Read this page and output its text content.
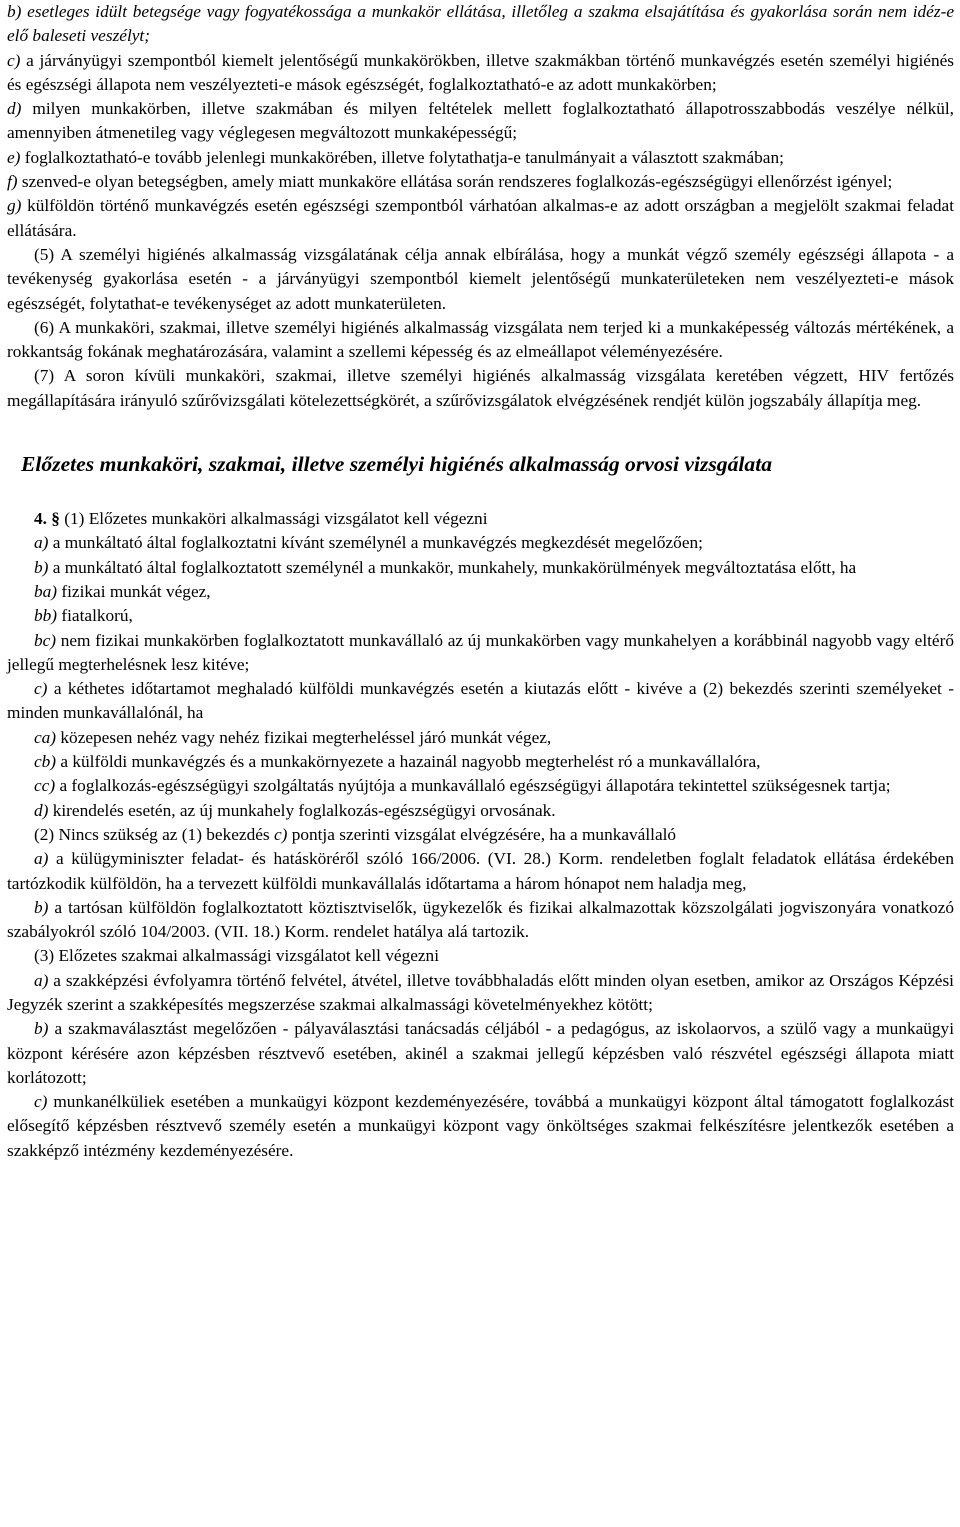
b) esetleges idült betegsége vagy fogyatékossága a munkakör ellátása, illetőleg a szakma elsajátítása és gyakorlása során nem idéz-e elő baleseti veszélyt;

c) a járványügyi szempontból kiemelt jelentőségű munkakörökben, illetve szakmákban történő munkavégzés esetén személyi higiénés és egészségi állapota nem veszélyezteti-e mások egészségét, foglalkoztatható-e az adott munkakörben;

d) milyen munkakörben, illetve szakmában és milyen feltételek mellett foglalkoztatható állapotrosszabbodás veszélye nélkül, amennyiben átmenetileg vagy véglegesen megváltozott munkaképességű;

e) foglalkoztatható-e tovább jelenlegi munkakörében, illetve folytathatja-e tanulmányait a választott szakmában;

f) szenved-e olyan betegségben, amely miatt munkaköre ellátása során rendszeres foglalkozás-egészségügyi ellenőrzést igényel;

g) külföldön történő munkavégzés esetén egészségi szempontból várhatóan alkalmas-e az adott országban a megjelölt szakmai feladat ellátására.

(5) A személyi higiénés alkalmasság vizsgálatának célja annak elbírálása, hogy a munkát végző személy egészségi állapota - a tevékenység gyakorlása esetén - a járványügyi szempontból kiemelt jelentőségű munkaterületeken nem veszélyezteti-e mások egészségét, folytathat-e tevékenységet az adott munkaterületen.

(6) A munkaköri, szakmai, illetve személyi higiénés alkalmasság vizsgálata nem terjed ki a munkaképesség változás mértékének, a rokkantság fokának meghatározására, valamint a szellemi képesség és az elmeállapot véleményezésére.

(7) A soron kívüli munkaköri, szakmai, illetve személyi higiénés alkalmasság vizsgálata keretében végzett, HIV fertőzés megállapítására irányuló szűrővizsgálati kötelezettségkörét, a szűrővizsgálatok elvégzésének rendjét külön jogszabály állapítja meg.

Előzetes munkaköri, szakmai, illetve személyi higiénés alkalmasság orvosi vizsgálata

4. § (1) Előzetes munkaköri alkalmassági vizsgálatot kell végezni

a) a munkáltató által foglalkoztatni kívánt személynél a munkavégzés megkezdését megelőzően;

b) a munkáltató által foglalkoztatott személynél a munkakör, munkahely, munkakörülmények megváltoztatása előtt, ha

ba) fizikai munkát végez,

bb) fiatalkorú,

bc) nem fizikai munkakörben foglalkoztatott munkavállaló az új munkakörben vagy munkahelyen a korábbinál nagyobb vagy eltérő jellegű megterhelésnek lesz kitéve;

c) a kéthetes időtartamot meghaladó külföldi munkavégzés esetén a kiutazás előtt - kivéve a (2) bekezdés szerinti személyeket - minden munkavállalónál, ha

ca) közepesen nehéz vagy nehéz fizikai megterheléssel járó munkát végez,

cb) a külföldi munkavégzés és a munkakörnyezete a hazainál nagyobb megterhelést ró a munkavállalóra,

cc) a foglalkozás-egészségügyi szolgáltatás nyújtója a munkavállaló egészségügyi állapotára tekintettel szükségesnek tartja;

d) kirendelés esetén, az új munkahely foglalkozás-egészségügyi orvosának.

(2) Nincs szükség az (1) bekezdés c) pontja szerinti vizsgálat elvégzésére, ha a munkavállaló

a) a külügyminiszter feladat- és hatásköréről szóló 166/2006. (VI. 28.) Korm. rendeletben foglalt feladatok ellátása érdekében tartózkodik külföldön, ha a tervezett külföldi munkavállalás időtartama a három hónapot nem haladja meg,

b) a tartósan külföldön foglalkoztatott köztisztviselők, ügykezelők és fizikai alkalmazottak közszolgálati jogviszonyára vonatkozó szabályokról szóló 104/2003. (VII. 18.) Korm. rendelet hatálya alá tartozik.

(3) Előzetes szakmai alkalmassági vizsgálatot kell végezni

a) a szakképzési évfolyamra történő felvétel, átvétel, illetve továbbhaladás előtt minden olyan esetben, amikor az Országos Képzési Jegyzék szerint a szakképesítés megszerzése szakmai alkalmassági követelményekhez kötött;

b) a szakmaválasztást megelőzően - pályaválasztási tanácsadás céljából - a pedagógus, az iskolaorvos, a szülő vagy a munkaügyi központ kérésére azon képzésben résztvevő esetében, akinél a szakmai jellegű képzésben való részvétel egészségi állapota miatt korlátozott;

c) munkanélküliek esetében a munkaügyi központ kezdeményezésére, továbbá a munkaügyi központ által támogatott foglalkozást elősegítő képzésben résztvevő személy esetén a munkaügyi központ vagy önköltséges szakmai felkészítésre jelentkezők esetében a szakképző intézmény kezdeményezésére.
